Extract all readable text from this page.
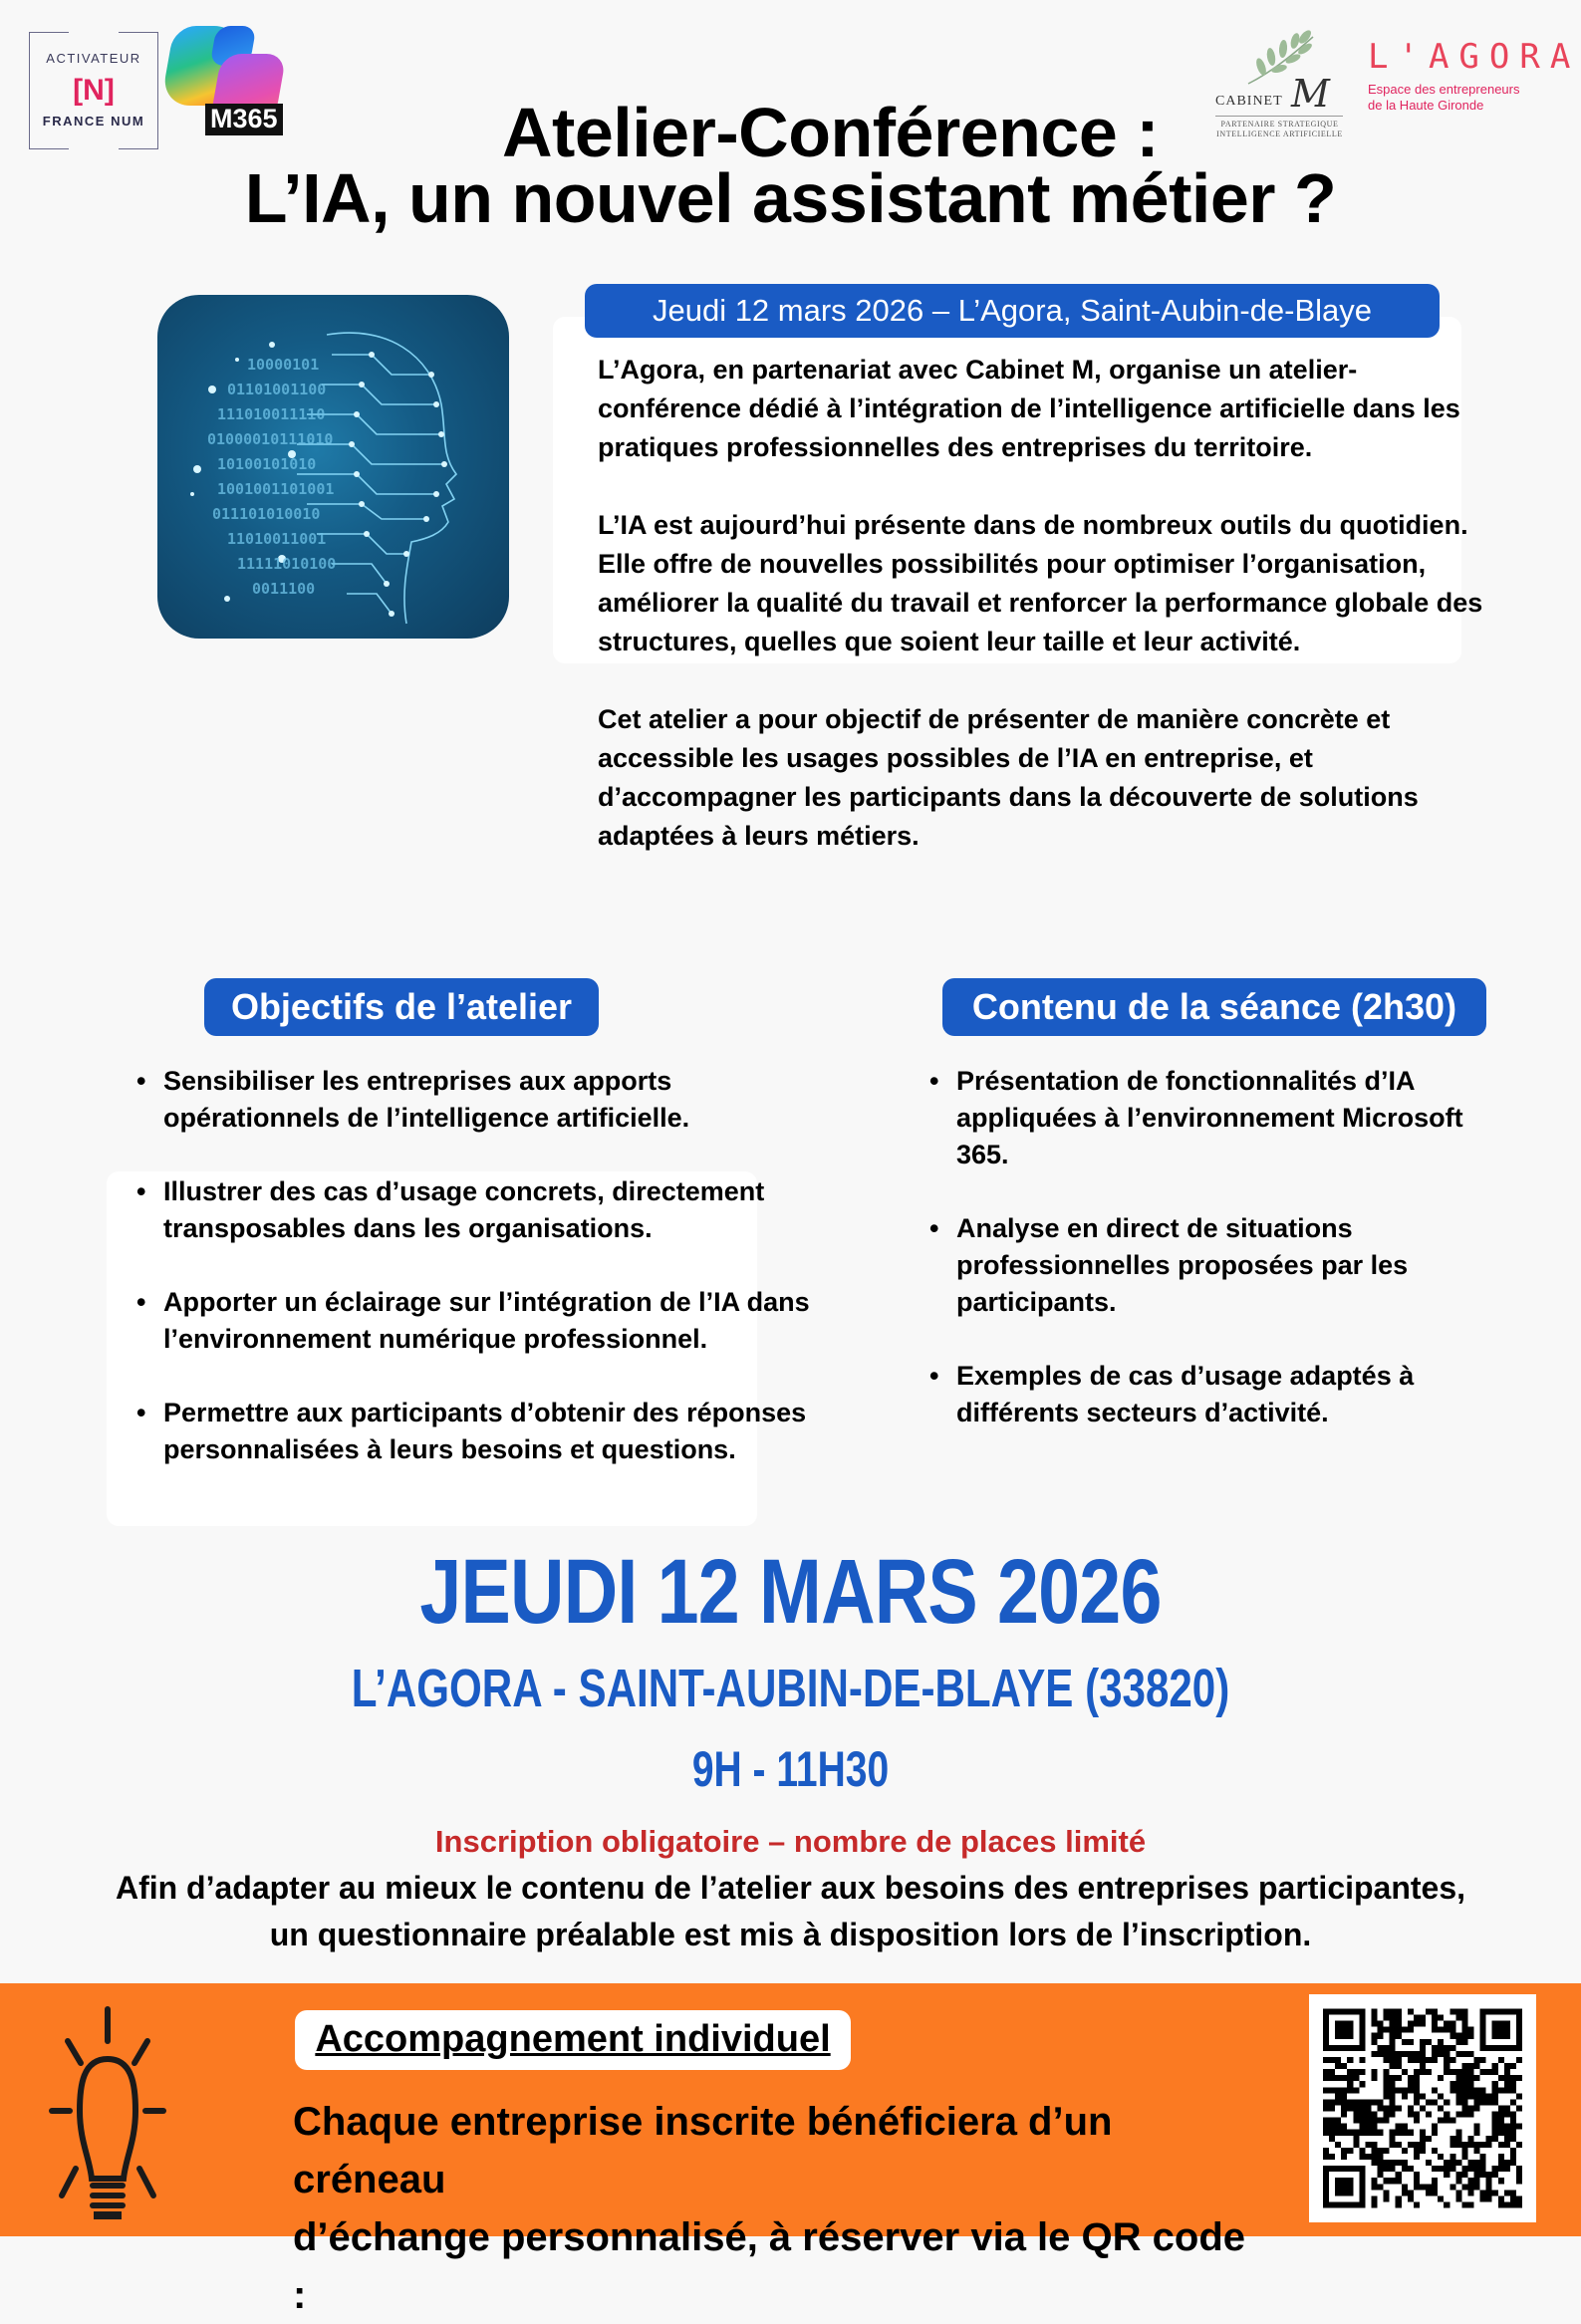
ACTIVATEUR
[N]
FRANCE NUM	M365
CABINET M
PARTENAIRE STRATEGIQUE
INTELLIGENCE ARTIFICIELLE
L'AGORA
Espace des entrepreneurs
de la Haute Gironde
Atelier-Conférence :
L’IA, un nouvel assistant métier ?
10000101
01101001100
111010011110
01000010111010
10100101010
1001001101001
011101010010
11010011001
11111010100
0011100
Jeudi 12 mars 2026 – L’Agora, Saint-Aubin-de-Blaye

L’Agora, en partenariat avec Cabinet M, organise un atelier-conférence dédié à l’intégration de l’intelligence artificielle dans les pratiques professionnelles des entreprises du territoire.

L’IA est aujourd’hui présente dans de nombreux outils du quotidien. Elle offre de nouvelles possibilités pour optimiser l’organisation, améliorer la qualité du travail et renforcer la performance globale des structures, quelles que soient leur taille et leur activité.

Cet atelier a pour objectif de présenter de manière concrète et accessible les usages possibles de l’IA en entreprise, et d’accompagner les participants dans la découverte de solutions adaptées à leurs métiers.

Objectifs de l’atelier
• Sensibiliser les entreprises aux apports opérationnels de l’intelligence artificielle.
• Illustrer des cas d’usage concrets, directement transposables dans les organisations.
• Apporter un éclairage sur l’intégration de l’IA dans l’environnement numérique professionnel.
• Permettre aux participants d’obtenir des réponses personnalisées à leurs besoins et questions.
Contenu de la séance (2h30)
• Présentation de fonctionnalités d’IA appliquées à l’environnement Microsoft 365.
• Analyse en direct de situations professionnelles proposées par les participants.
• Exemples de cas d’usage adaptés à différents secteurs d’activité.
JEUDI 12 MARS 2026
L’AGORA - SAINT-AUBIN-DE-BLAYE (33820)
9H - 11H30
Inscription obligatoire – nombre de places limité
Afin d’adapter au mieux le contenu de l’atelier aux besoins des entreprises participantes,
un questionnaire préalable est mis à disposition lors de l’inscription.
Accompagnement individuel
Chaque entreprise inscrite bénéficiera d’un créneau
d’échange personnalisé, à réserver via le QR code :
